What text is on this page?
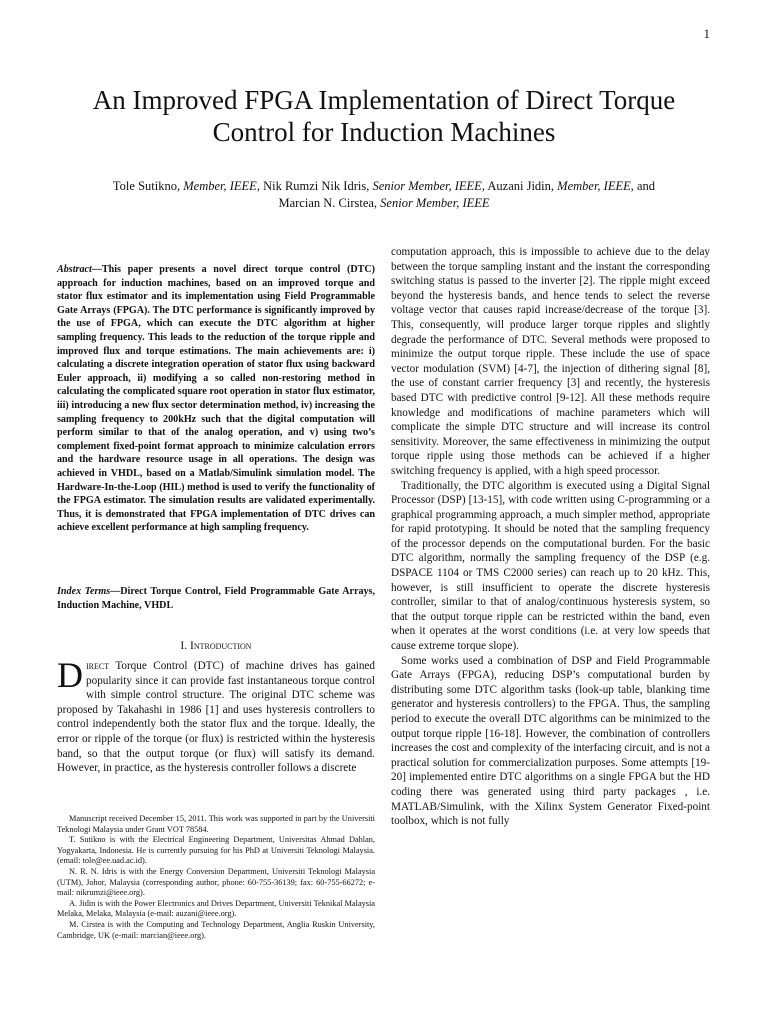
1
An Improved FPGA Implementation of Direct Torque Control for Induction Machines
Tole Sutikno, Member, IEEE, Nik Rumzi Nik Idris, Senior Member, IEEE, Auzani Jidin, Member, IEEE, and Marcian N. Cirstea, Senior Member, IEEE
Abstract—This paper presents a novel direct torque control (DTC) approach for induction machines, based on an improved torque and stator flux estimator and its implementation using Field Programmable Gate Arrays (FPGA). The DTC performance is significantly improved by the use of FPGA, which can execute the DTC algorithm at higher sampling frequency. This leads to the reduction of the torque ripple and improved flux and torque estimations. The main achievements are: i) calculating a discrete integration operation of stator flux using backward Euler approach, ii) modifying a so called non-restoring method in calculating the complicated square root operation in stator flux estimator, iii) introducing a new flux sector determination method, iv) increasing the sampling frequency to 200kHz such that the digital computation will perform similar to that of the analog operation, and v) using two’s complement fixed-point format approach to minimize calculation errors and the hardware resource usage in all operations. The design was achieved in VHDL, based on a Matlab/Simulink simulation model. The Hardware-In-the-Loop (HIL) method is used to verify the functionality of the FPGA estimator. The simulation results are validated experimentally. Thus, it is demonstrated that FPGA implementation of DTC drives can achieve excellent performance at high sampling frequency.
Index Terms—Direct Torque Control, Field Programmable Gate Arrays, Induction Machine, VHDL
I. Introduction
Direct Torque Control (DTC) of machine drives has gained popularity since it can provide fast instantaneous torque control with simple control structure. The original DTC scheme was proposed by Takahashi in 1986 [1] and uses hysteresis controllers to control independently both the stator flux and the torque. Ideally, the error or ripple of the torque (or flux) is restricted within the hysteresis band, so that the output torque (or flux) will satisfy its demand. However, in practice, as the hysteresis controller follows a discrete

Manuscript received December 15, 2011. This work was supported in part by the Universiti Teknologi Malaysia under Grant VOT 78584.

T. Sutikno is with the Electrical Engineering Department, Universitas Ahmad Dahlan, Yogyakarta, Indonesia. He is currently pursuing for his PhD at Universiti Teknologi Malaysia. (email: tole@ee.uad.ac.id).

N. R. N. Idris is with the Energy Conversion Department, Universiti Teknologi Malaysia (UTM), Johor, Malaysia (corresponding author, phone: 60-755-36139; fax: 60-755-66272; e-mail: nikrumzi@ieee.org).

A. Jidin is with the Power Electronics and Drives Department, Universiti Teknikal Malaysia Melaka, Melaka, Malaysia (e-mail: auzani@ieee.org).

M. Cirstea is with the Computing and Technology Department, Anglia Ruskin University, Cambridge, UK (e-mail: marcian@ieee.org).

computation approach, this is impossible to achieve due to the delay between the torque sampling instant and the instant the corresponding switching status is passed to the inverter [2]. The ripple might exceed beyond the hysteresis bands, and hence tends to select the reverse voltage vector that causes rapid increase/decrease of the torque [3]. This, consequently, will produce larger torque ripples and slightly degrade the performance of DTC. Several methods were proposed to minimize the output torque ripple. These include the use of space vector modulation (SVM) [4-7], the injection of dithering signal [8], the use of constant carrier frequency [3] and recently, the hysteresis based DTC with predictive control [9-12]. All these methods require knowledge and modifications of machine parameters which will complicate the simple DTC structure and will increase its control sensitivity. Moreover, the same effectiveness in minimizing the output torque ripple using those methods can be achieved if a higher switching frequency is applied, with a high speed processor.

Traditionally, the DTC algorithm is executed using a Digital Signal Processor (DSP) [13-15], with code written using C-programming or a graphical programming approach, a much simpler method, appropriate for rapid prototyping. It should be noted that the sampling frequency of the processor depends on the computational burden. For the basic DTC algorithm, normally the sampling frequency of the DSP (e.g. DSPACE 1104 or TMS C2000 series) can reach up to 20 kHz. This, however, is still insufficient to operate the discrete hysteresis controller, similar to that of analog/continuous hysteresis system, so that the output torque ripple can be restricted within the band, even when it operates at the worst conditions (i.e. at very low speeds that cause extreme torque slope).

Some works used a combination of DSP and Field Programmable Gate Arrays (FPGA), reducing DSP’s computational burden by distributing some DTC algorithm tasks (look-up table, blanking time generator and hysteresis controllers) to the FPGA. Thus, the sampling period to execute the overall DTC algorithms can be minimized to the output torque ripple [16-18]. However, the combination of controllers increases the cost and complexity of the interfacing circuit, and is not a practical solution for commercialization purposes. Some attempts [19-20] implemented entire DTC algorithms on a single FPGA but the HD coding there was generated using third party packages , i.e. MATLAB/Simulink, with the Xilinx System Generator Fixed-point toolbox, which is not fully
